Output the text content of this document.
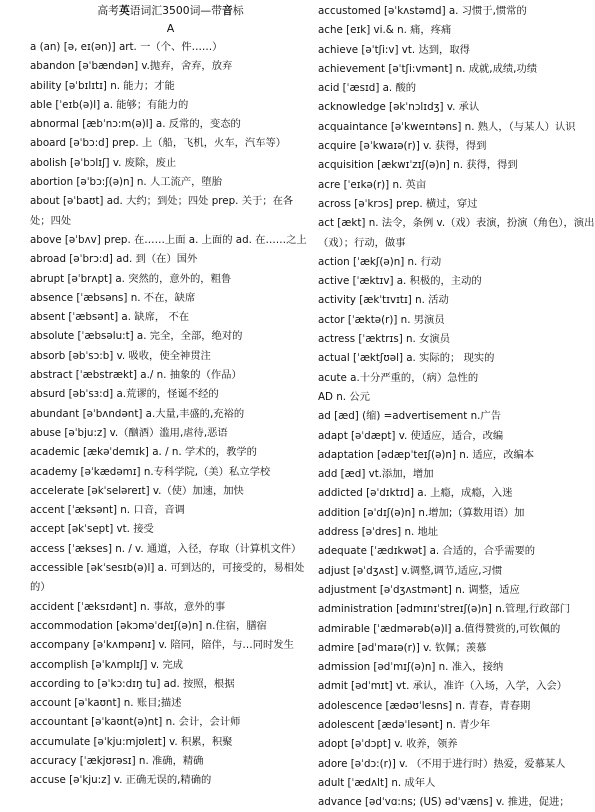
高考英语词汇3500词—带音标

A

a (an) [ə, eɪ(ən)] art. 一（个、件……）

abandon [əˈbændən] v.抛弃，舍弃，放弃

ability [əˈbɪlɪtɪ] n. 能力；才能

able [ˈeɪb(ə)l] a. 能够；有能力的

abnormal [æbˈnɔ:m(ə)l] a. 反常的，变态的

aboard [əˈbɔ:d] prep. 上（船，飞机，火车，汽车等）

abolish [əˈbɔlɪʃ] v. 废除，废止

abortion [əˈbɔ:ʃ(ə)n] n. 人工流产，堕胎

about [əˈbaʊt] ad. 大约；到处；四处 prep. 关于；在各处；四处

above [əˈbʌv] prep. 在……上面 a. 上面的 ad. 在……之上

abroad [əˈbrɔ:d] ad. 到（在）国外

abrupt [əˈbrʌpt] a. 突然的，意外的，粗鲁

absence [ˈæbsəns] n. 不在，缺席

absent [ˈæbsənt] a. 缺席， 不在

absolute [ˈæbsəlu:t] a. 完全，全部，绝对的

absorb [əbˈsɔ:b] v. 吸收，使全神贯注

abstract [ˈæbstrækt] a./ n. 抽象的（作品）

absurd [əbˈsɜ:d] a.荒谬的，怪诞不经的

abundant [əˈbʌndənt] a.大量,丰盛的,充裕的

abuse [əˈbju:z] v.（酗酒）滥用,虐待,恶语

academic [ækəˈdemɪk] a. / n. 学术的，教学的

academy [əˈkædəmɪ] n.专科学院,（美）私立学校

accelerate [əkˈseləreɪt] v.（使）加速，加快

accent [ˈæksənt] n. 口音，音调

accept [əkˈsept] vt. 接受

access [ˈækses] n. / v. 通道，入径，存取（计算机文件）

accessible [əkˈsesɪb(ə)l] a. 可到达的，可接受的，易相处的）

accident [ˈæksɪdənt] n. 事故，意外的事

accommodation [əkɔməˈdeɪʃ(ə)n] n.住宿，膳宿

accompany [əˈkʌmpənɪ] v. 陪同，陪伴，与…同时发生

accomplish [əˈkʌmplɪʃ] v. 完成

according to [əˈkɔ:dɪŋ tu] ad. 按照，根据

account [əˈkaʊnt] n. 账目;描述

accountant [əˈkaʊnt(ə)nt] n. 会计，会计师

accumulate [əˈkju:mjʊleɪt] v. 积累，积聚

accuracy [ˈækjʊrəsɪ] n. 准确，精确

accuse [əˈkju:z] v. 正确无误的,精确的

accustomed [əˈkʌstəmd] a. 习惯于,惯常的

ache [eɪk] vi.& n. 痛，疼痛

achieve [əˈtʃi:v] vt. 达到，取得

achievement [əˈtʃi:vmənt] n. 成就,成绩,功绩

acid [ˈæsɪd] a. 酸的

acknowledge [əkˈnɔlɪdʒ] v. 承认

acquaintance [əˈkweɪntəns] n. 熟人，（与某人）认识

acquire [əˈkwaɪə(r)] v. 获得，得到

acquisition [ækwɪˈzɪʃ(ə)n] n. 获得，得到

acre [ˈeɪkə(r)] n. 英亩

across [əˈkrɔs] prep. 横过，穿过

act [ækt] n. 法令，条例 v.（戏）表演，扮演（角色），演出（戏）；行动，做事

action [ˈækʃ(ə)n] n. 行动

active [ˈæktɪv] a. 积极的，主动的

activity [ækˈtɪvɪtɪ] n. 活动

actor [ˈæktə(r)] n. 男演员

actress [ˈæktrɪs] n. 女演员

actual [ˈæktʃʊəl] a. 实际的； 现实的

acute a.十分严重的，（病）急性的

AD n. 公元

ad [æd] (缩) =advertisement n.广告

adapt [əˈdæpt] v. 使适应，适合，改编

adaptation [ədæpˈteɪʃ(ə)n] n. 适应，改编本

add [æd] vt.添加，增加

addicted [əˈdɪktɪd] a. 上瘾，成瘾，入迷

addition [əˈdɪʃ(ə)n] n.增加;（算数用语）加

address [əˈdres] n. 地址

adequate [ˈædɪkwət] a. 合适的，合乎需要的

adjust [əˈdʒʌst] v.调整,调节,适应,习惯

adjustment [əˈdʒʌstmənt] n. 调整，适应

administration [ədmɪnɪˈstreɪʃ(ə)n] n.管理,行政部门

admirable [ˈædmərəb(ə)l] a.值得赞赏的,可钦佩的

admire [ədˈmaɪə(r)] v. 钦佩；羡慕

admission [ədˈmɪʃ(ə)n] n. 准入，接纳

admit [ədˈmɪt] vt. 承认，准许（入场，入学，入会）

adolescence [ædəʊˈlesns] n. 青春，青春期

adolescent [ædəˈlesənt] n. 青少年

adopt [əˈdɔpt] v. 收养，领养

adore [əˈdɔ:(r)] v. （不用于进行时）热爱，爱慕某人

adult [ˈædʌlt] n. 成年人

advance [ədˈvɑ:ns; (US) ədˈvæns] v. 推进，促进；
